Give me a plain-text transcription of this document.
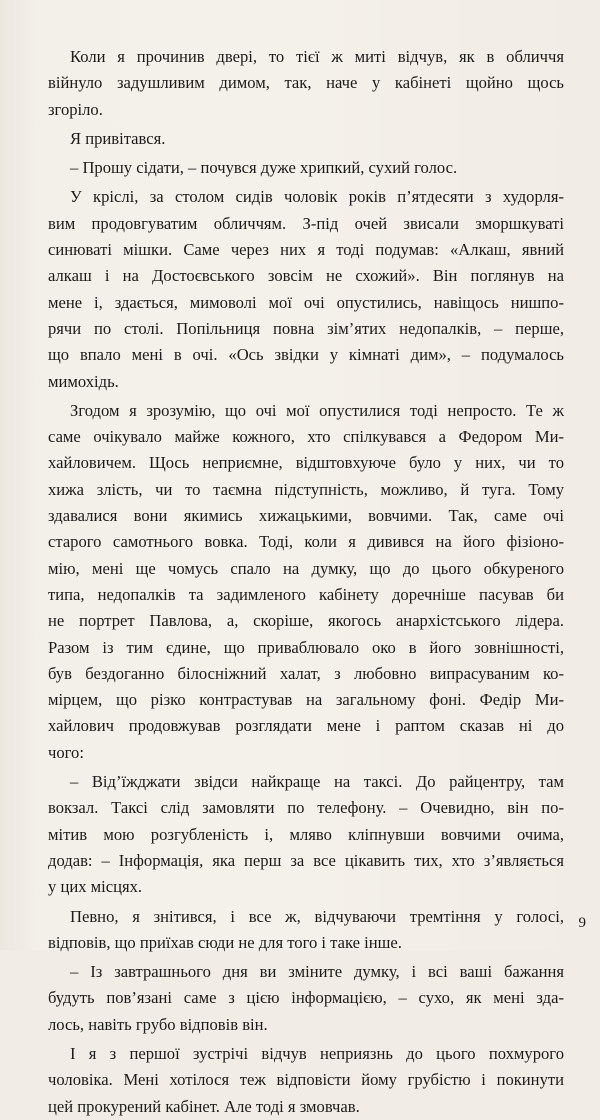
Коли я прочинив двері, то тієї ж миті відчув, як в обличчя
війнуло задушливим димом, так, наче у кабінеті щойно щось
згоріло.
Я привітався.
– Прошу сідати, – почувся дуже хрипкий, сухий голос.
У кріслі, за столом сидів чоловік років п’ятдесяти з худорля-
вим продовгуватим обличчям. З-під очей звисали зморшкуваті
синюваті мішки. Саме через них я тоді подумав: «Алкаш, явний
алкаш і на Достоєвського зовсім не схожий». Він поглянув на
мене і, здається, мимоволі мої очі опустились, навіщось нишпо-
рячи по столі. Попільниця повна зім’ятих недопалків, – перше,
що впало мені в очі. «Ось звідки у кімнаті дим», – подумалось
мимохідь.
Згодом я зрозумію, що очі мої опустилися тоді непросто. Те ж
саме очікувало майже кожного, хто спілкувався а Федором Ми-
хайловичем. Щось неприємне, відштовхуюче було у них, чи то
хижа злість, чи то таємна підступність, можливо, й туга. Тому
здавалися вони якимись хижацькими, вовчими. Так, саме очі
старого самотнього вовка. Тоді, коли я дивився на його фізіоно-
мію, мені ще чомусь спало на думку, що до цього обкуреного
типа, недопалків та задимленого кабінету доречніше пасував би
не портрет Павлова, а, скоріше, якогось анархістського лідера.
Разом із тим єдине, що приваблювало око в його зовнішності,
був бездоганно білосніжний халат, з любовно випрасуваним ко-
мірцем, що різко контрастував на загальному фоні. Федір Ми-
хайлович продовжував розглядати мене і раптом сказав ні до
чого:
– Від’їжджати звідси найкраще на таксі. До райцентру, там
вокзал. Таксі слід замовляти по телефону. – Очевидно, він по-
мітив мою розгубленість і, мляво кліпнувши вовчими очима,
додав: – Інформація, яка перш за все цікавить тих, хто з’являється
у цих місцях.
Певно, я знітився, і все ж, відчуваючи тремтіння у голосі,
відповів, що приїхав сюди не для того і таке інше.
– Із завтрашнього дня ви зміните думку, і всі ваші бажання
будуть пов’язані саме з цією інформацією, – сухо, як мені зда-
лось, навіть грубо відповів він.
І я з першої зустрічі відчув неприязнь до цього похмурого
чоловіка. Мені хотілося теж відповісти йому грубістю і покинути
цей прокурений кабінет. Але тоді я змовчав.
9
